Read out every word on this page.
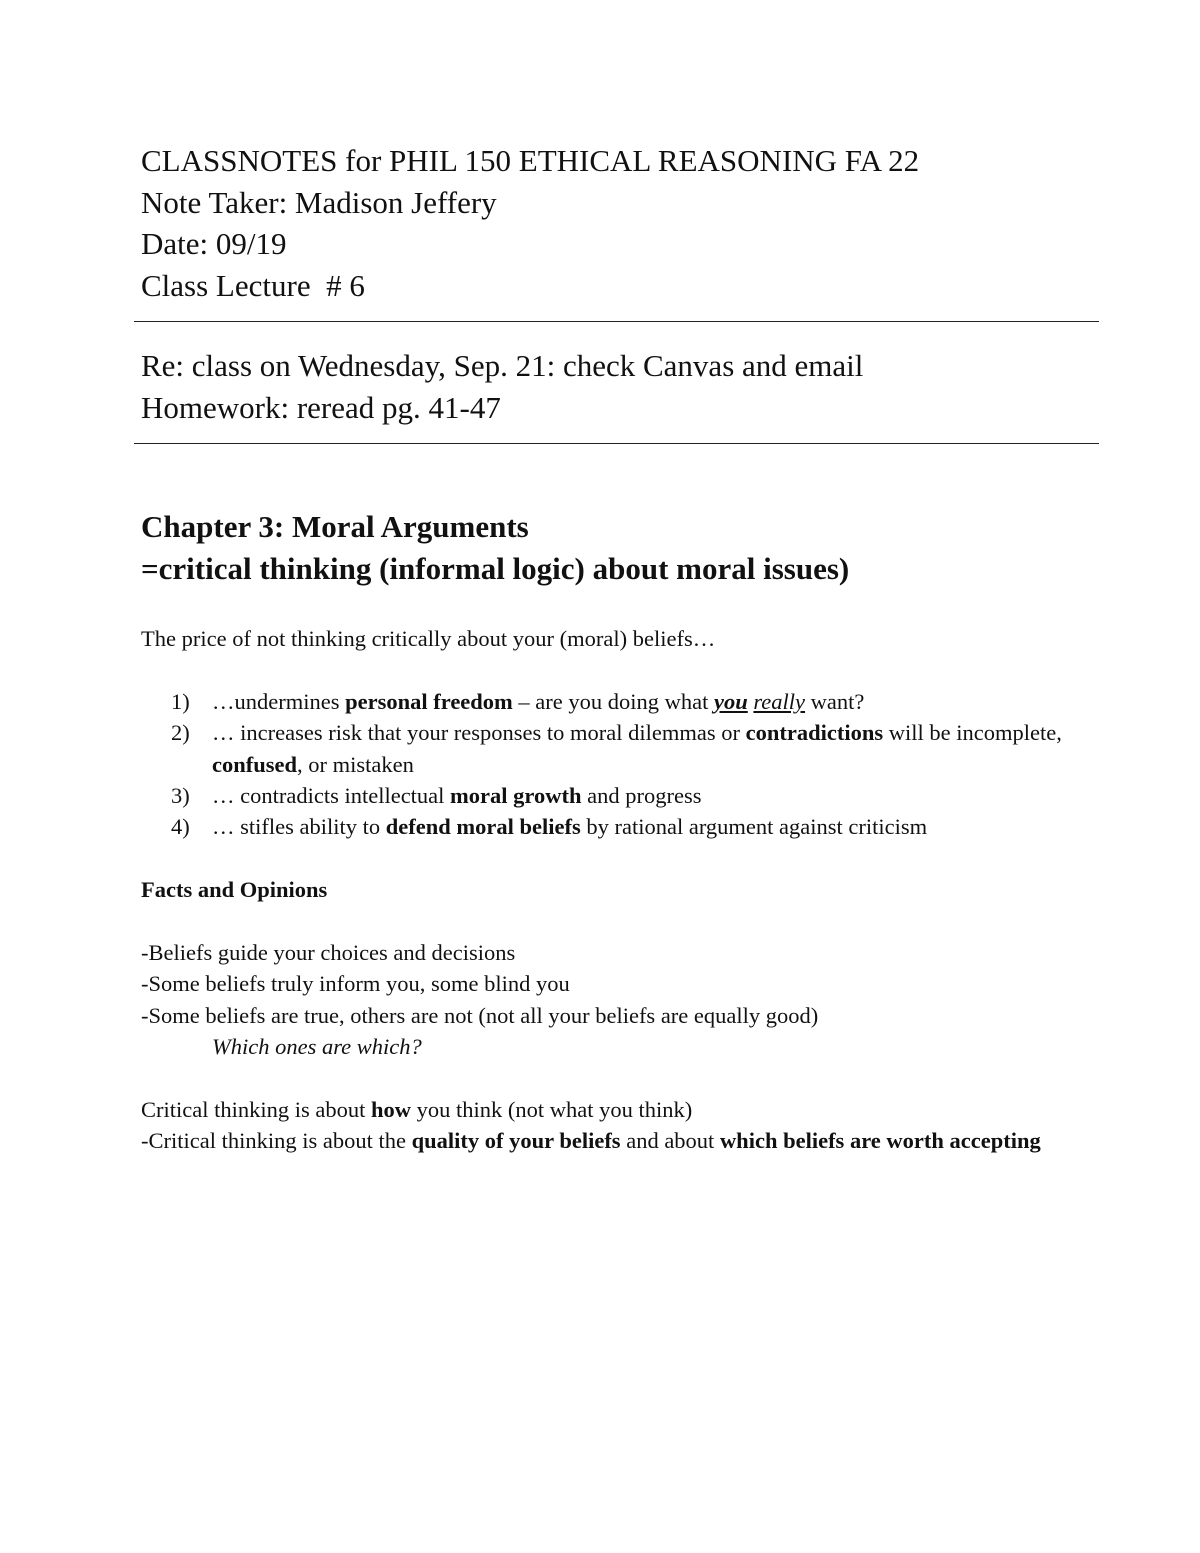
CLASSNOTES for PHIL 150 ETHICAL REASONING FA 22
Note Taker: Madison Jeffery
Date: 09/19
Class Lecture  # 6
Re: class on Wednesday, Sep. 21: check Canvas and email
Homework: reread pg. 41-47
Chapter 3: Moral Arguments
=critical thinking (informal logic) about moral issues)

The price of not thinking critically about your (moral) beliefs…

1) …undermines personal freedom – are you doing what you really want?
2) … increases risk that your responses to moral dilemmas or contradictions will be incomplete, confused, or mistaken
3) … contradicts intellectual moral growth and progress
4) … stifles ability to defend moral beliefs by rational argument against criticism

Facts and Opinions

-Beliefs guide your choices and decisions

-Some beliefs truly inform you, some blind you

-Some beliefs are true, others are not (not all your beliefs are equally good)

Which ones are which?

Critical thinking is about how you think (not what you think)

-Critical thinking is about the quality of your beliefs and about which beliefs are worth accepting
